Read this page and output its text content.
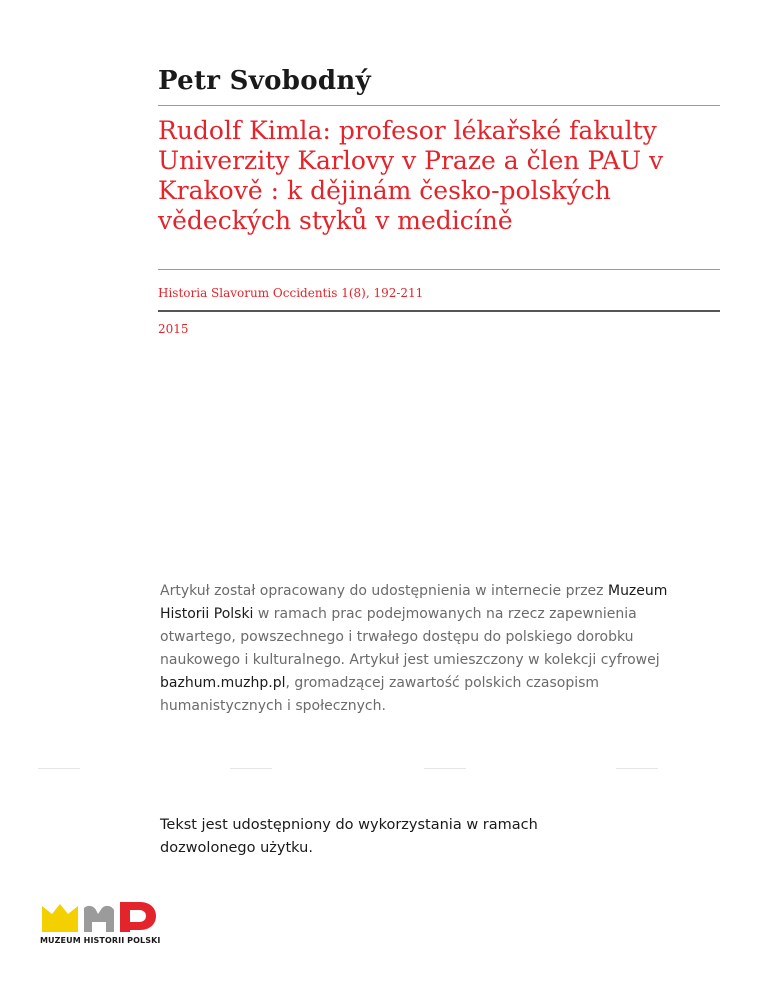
Petr Svobodný
Rudolf Kimla: profesor lékařské fakulty Univerzity Karlovy v Praze a člen PAU v Krakově : k dějinám česko-polských vědeckých styků v medicíně
Historia Slavorum Occidentis 1(8), 192-211
2015
Artykuł został opracowany do udostępnienia w internecie przez Muzeum Historii Polski w ramach prac podejmowanych na rzecz zapewnienia otwartego, powszechnego i trwałego dostępu do polskiego dorobku naukowego i kulturalnego. Artykuł jest umieszczony w kolekcji cyfrowej bazhum.muzhp.pl, gromadzącej zawartość polskich czasopism humanistycznych i społecznych.
Tekst jest udostępniony do wykorzystania w ramach dozwolonego użytku.
MUZEUM HISTORII POLSKI
